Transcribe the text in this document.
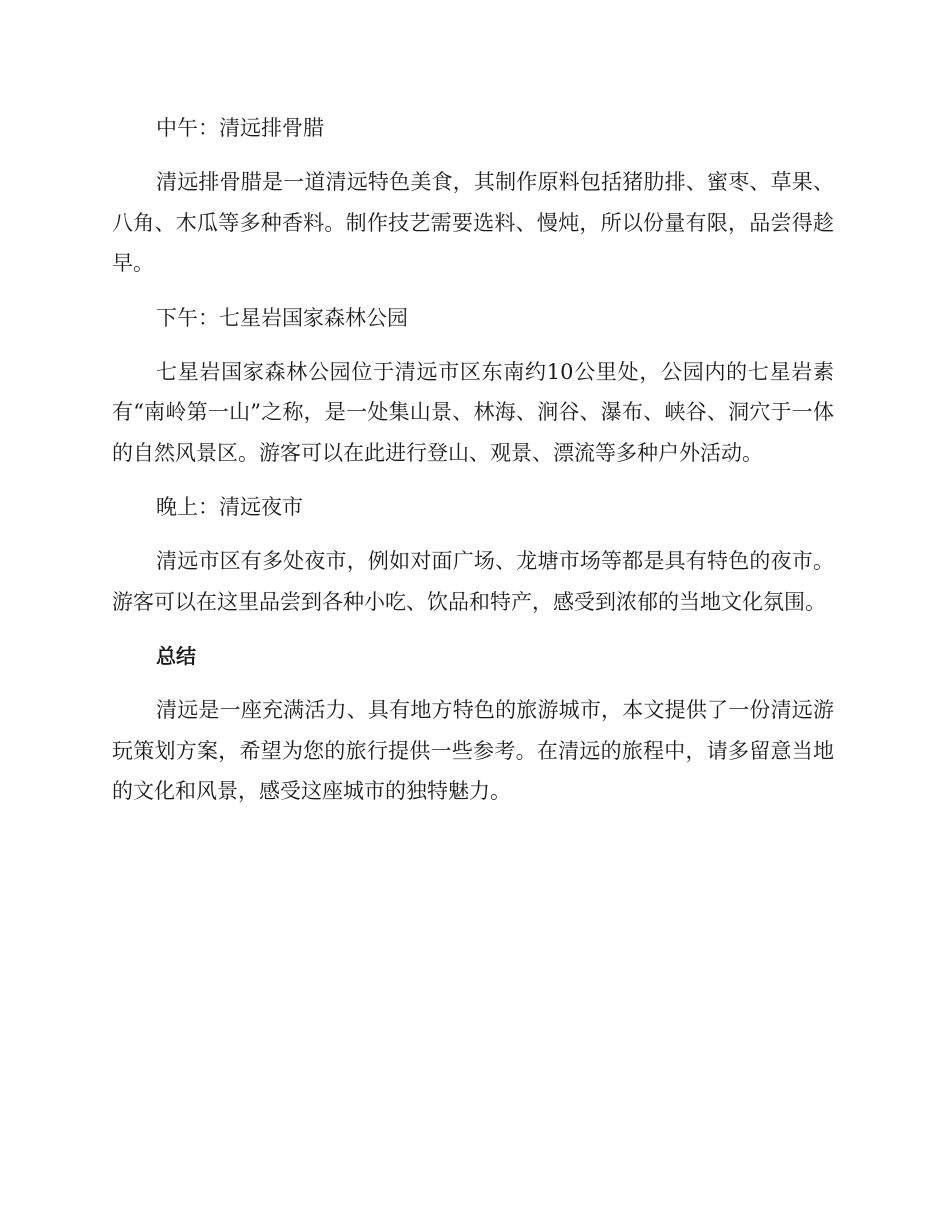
中午：清远排骨腊

清远排骨腊是一道清远特色美食，其制作原料包括猪肋排、蜜枣、草果、八角、木瓜等多种香料。制作技艺需要选料、慢炖，所以份量有限，品尝得趁早。

下午：七星岩国家森林公园

七星岩国家森林公园位于清远市区东南约10公里处，公园内的七星岩素有“南岭第一山”之称，是一处集山景、林海、涧谷、瀑布、峡谷、洞穴于一体的自然风景区。游客可以在此进行登山、观景、漂流等多种户外活动。

晚上：清远夜市

清远市区有多处夜市，例如对面广场、龙塘市场等都是具有特色的夜市。游客可以在这里品尝到各种小吃、饮品和特产，感受到浓郁的当地文化氛围。

总结

清远是一座充满活力、具有地方特色的旅游城市，本文提供了一份清远游玩策划方案，希望为您的旅行提供一些参考。在清远的旅程中，请多留意当地的文化和风景，感受这座城市的独特魅力。
